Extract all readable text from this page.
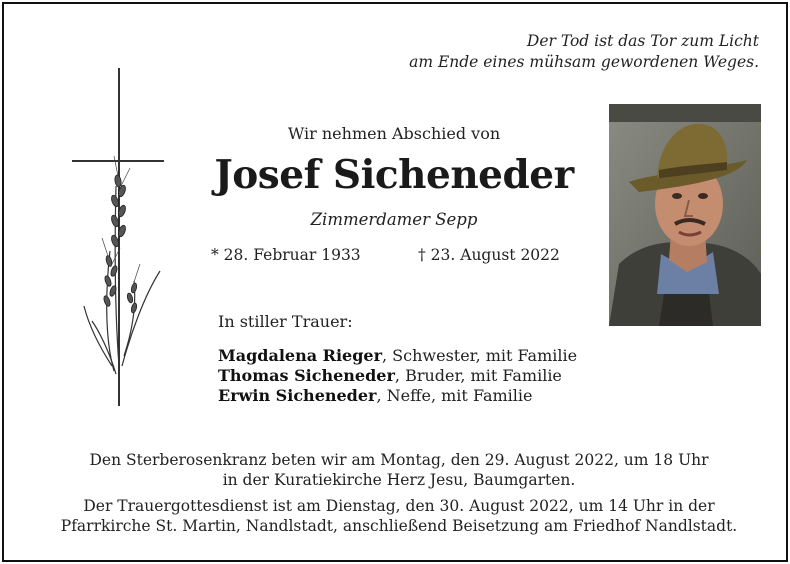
Der Tod ist das Tor zum Licht
am Ende eines mühsam gewordenen Weges.
Wir nehmen Abschied von
Josef Sicheneder
Zimmerdamer Sepp
* 28. Februar 1933	† 23. August 2022
In stiller Trauer:
Magdalena Rieger, Schwester, mit Familie
Thomas Sicheneder, Bruder, mit Familie
Erwin Sicheneder, Neffe, mit Familie
Den Sterberosenkranz beten wir am Montag, den 29. August 2022, um 18 Uhr
in der Kuratiekirche Herz Jesu, Baumgarten.
Der Trauergottesdienst ist am Dienstag, den 30. August 2022, um 14 Uhr in der
Pfarrkirche St. Martin, Nandlstadt, anschließend Beisetzung am Friedhof Nandlstadt.
